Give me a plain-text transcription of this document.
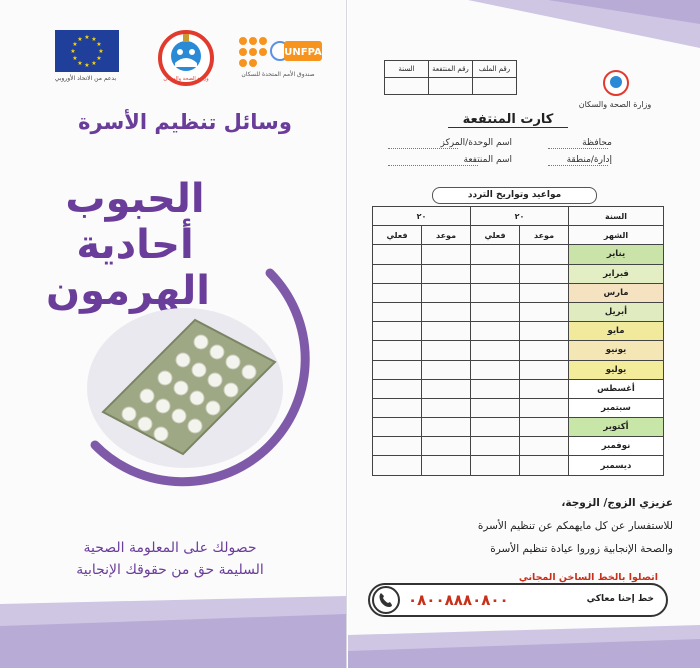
★ ★
★
★
★
★
★
★
★
★
★
★
بدعم من الاتحاد الأوروبي	وزارة الصحة والسكان
UNFPA
صندوق الأمم المتحدة للسكان
وسائل تنظيم الأسرة
الحبوب
أحادية
الهرمون
حصولك على المعلومة الصحية
السليمة حق من حقوقك الإنجابية
السنة	رقم المنتفعة	رقم الملف

وزارة الصحة والسكان
كارت المنتفعة
محافظة
إدارة/منطقة
اسم الوحدة/المركز
اسم المنتفعة
مواعيد وتواريخ التردد
السنة	٢٠		٢٠	
الشهر	موعد	فعلي	موعد	فعلي
يناير				
فبراير				
مارس				
أبريل				
مايو				
يونيو				
يوليو				
أغسطس				
سبتمبر				
أكتوبر				
نوفمبر				
ديسمبر				
عزيزي الزوج/ الزوجة،
للاستفسار عن كل مايهمكم عن تنظيم الأسرة
والصحة الإنجابية زوروا عيادة تنظيم الأسرة
اتصلوا بالخط الساخن المجاني
٠٨٠٠٨٨٨٠٨٠٠	خط إحنا معاكي
